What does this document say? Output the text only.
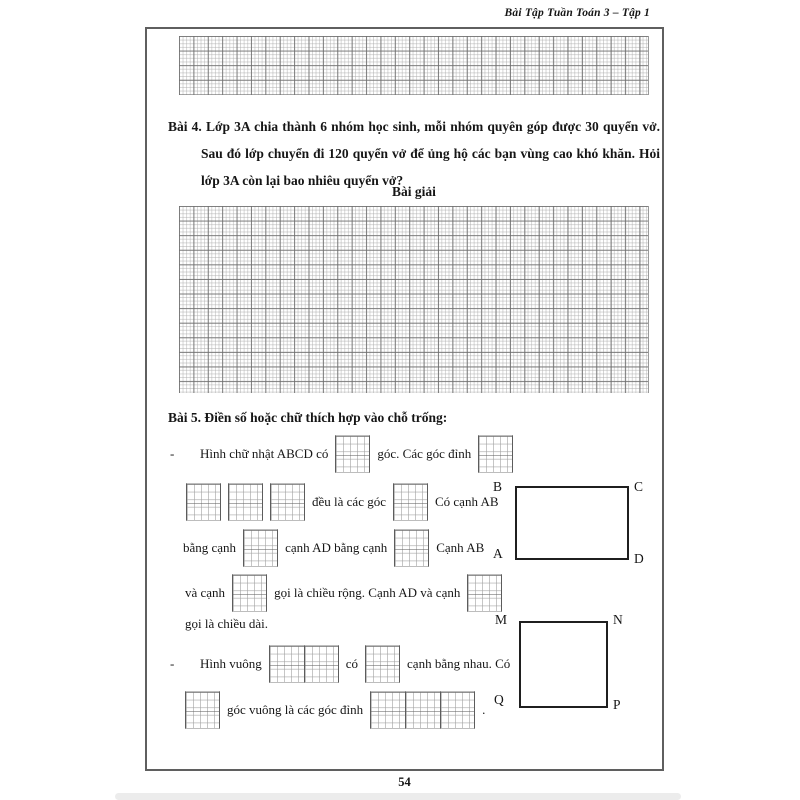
Bài Tập Tuần Toán 3 – Tập 1
Bài 4. Lớp 3A chia thành 6 nhóm học sinh, mỗi nhóm quyên góp được 30 quyển vở. Sau đó lớp chuyển đi 120 quyển vở để ủng hộ các bạn vùng cao khó khăn. Hỏi lớp 3A còn lại bao nhiêu quyển vở?
Bài giải
Bài 5. Điền số hoặc chữ thích hợp vào chỗ trống:
-	Hình chữ nhật ABCD có	góc. Các góc đỉnh
đều là các góc	Có cạnh AB
bằng cạnh	cạnh AD bằng cạnh	Cạnh AB
và cạnh	gọi là chiều rộng. Cạnh AD và cạnh
gọi là chiều dài.
-	Hình vuông	có	cạnh bằng nhau. Có
góc vuông là các góc đỉnh	.
B	C
A	D
M	N
Q	P
54
